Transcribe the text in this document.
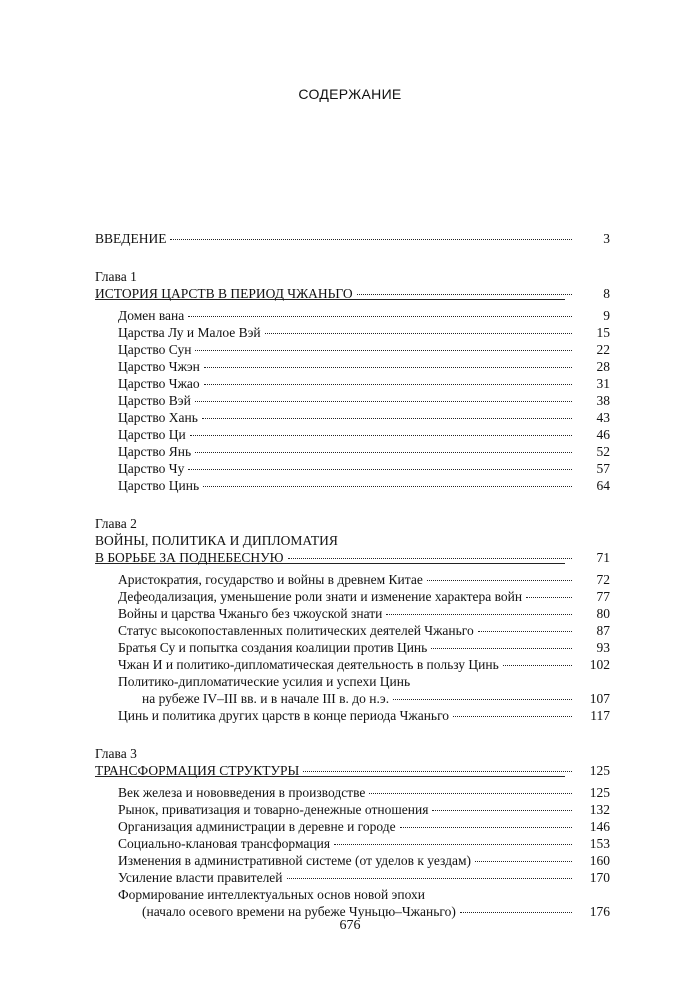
СОДЕРЖАНИЕ
ВВЕДЕНИЕ	3
Глава 1
ИСТОРИЯ ЦАРСТВ В ПЕРИОД ЧЖАНЬГО	8
Домен вана	9
Царства Лу и Малое Вэй	15
Царство Сун	22
Царство Чжэн	28
Царство Чжао	31
Царство Вэй	38
Царство Хань	43
Царство Ци	46
Царство Янь	52
Царство Чу	57
Царство Цинь	64
Глава 2
ВОЙНЫ, ПОЛИТИКА И ДИПЛОМАТИЯ
В БОРЬБЕ ЗА ПОДНЕБЕСНУЮ	71
Аристократия, государство и войны в древнем Китае	72
Дефеодализация, уменьшение роли знати и изменение характера войн	77
Войны и царства Чжаньго без чжоуской знати	80
Статус высокопоставленных политических деятелей Чжаньго	87
Братья Су и попытка создания коалиции против Цинь	93
Чжан И и политико-дипломатическая деятельность в пользу Цинь	102
Политико-дипломатические усилия и успехи Цинь
на рубеже IV–III вв. и в начале III в. до н.э.	107
Цинь и политика других царств в конце периода Чжаньго	117
Глава 3
ТРАНСФОРМАЦИЯ СТРУКТУРЫ	125
Век железа и нововведения в производстве	125
Рынок, приватизация и товарно-денежные отношения	132
Организация администрации в деревне и городе	146
Социально-клановая трансформация	153
Изменения в административной системе (от уделов к уездам)	160
Усиление власти правителей	170
Формирование интеллектуальных основ новой эпохи
(начало осевого времени на рубеже Чуньцю–Чжаньго)	176
676
